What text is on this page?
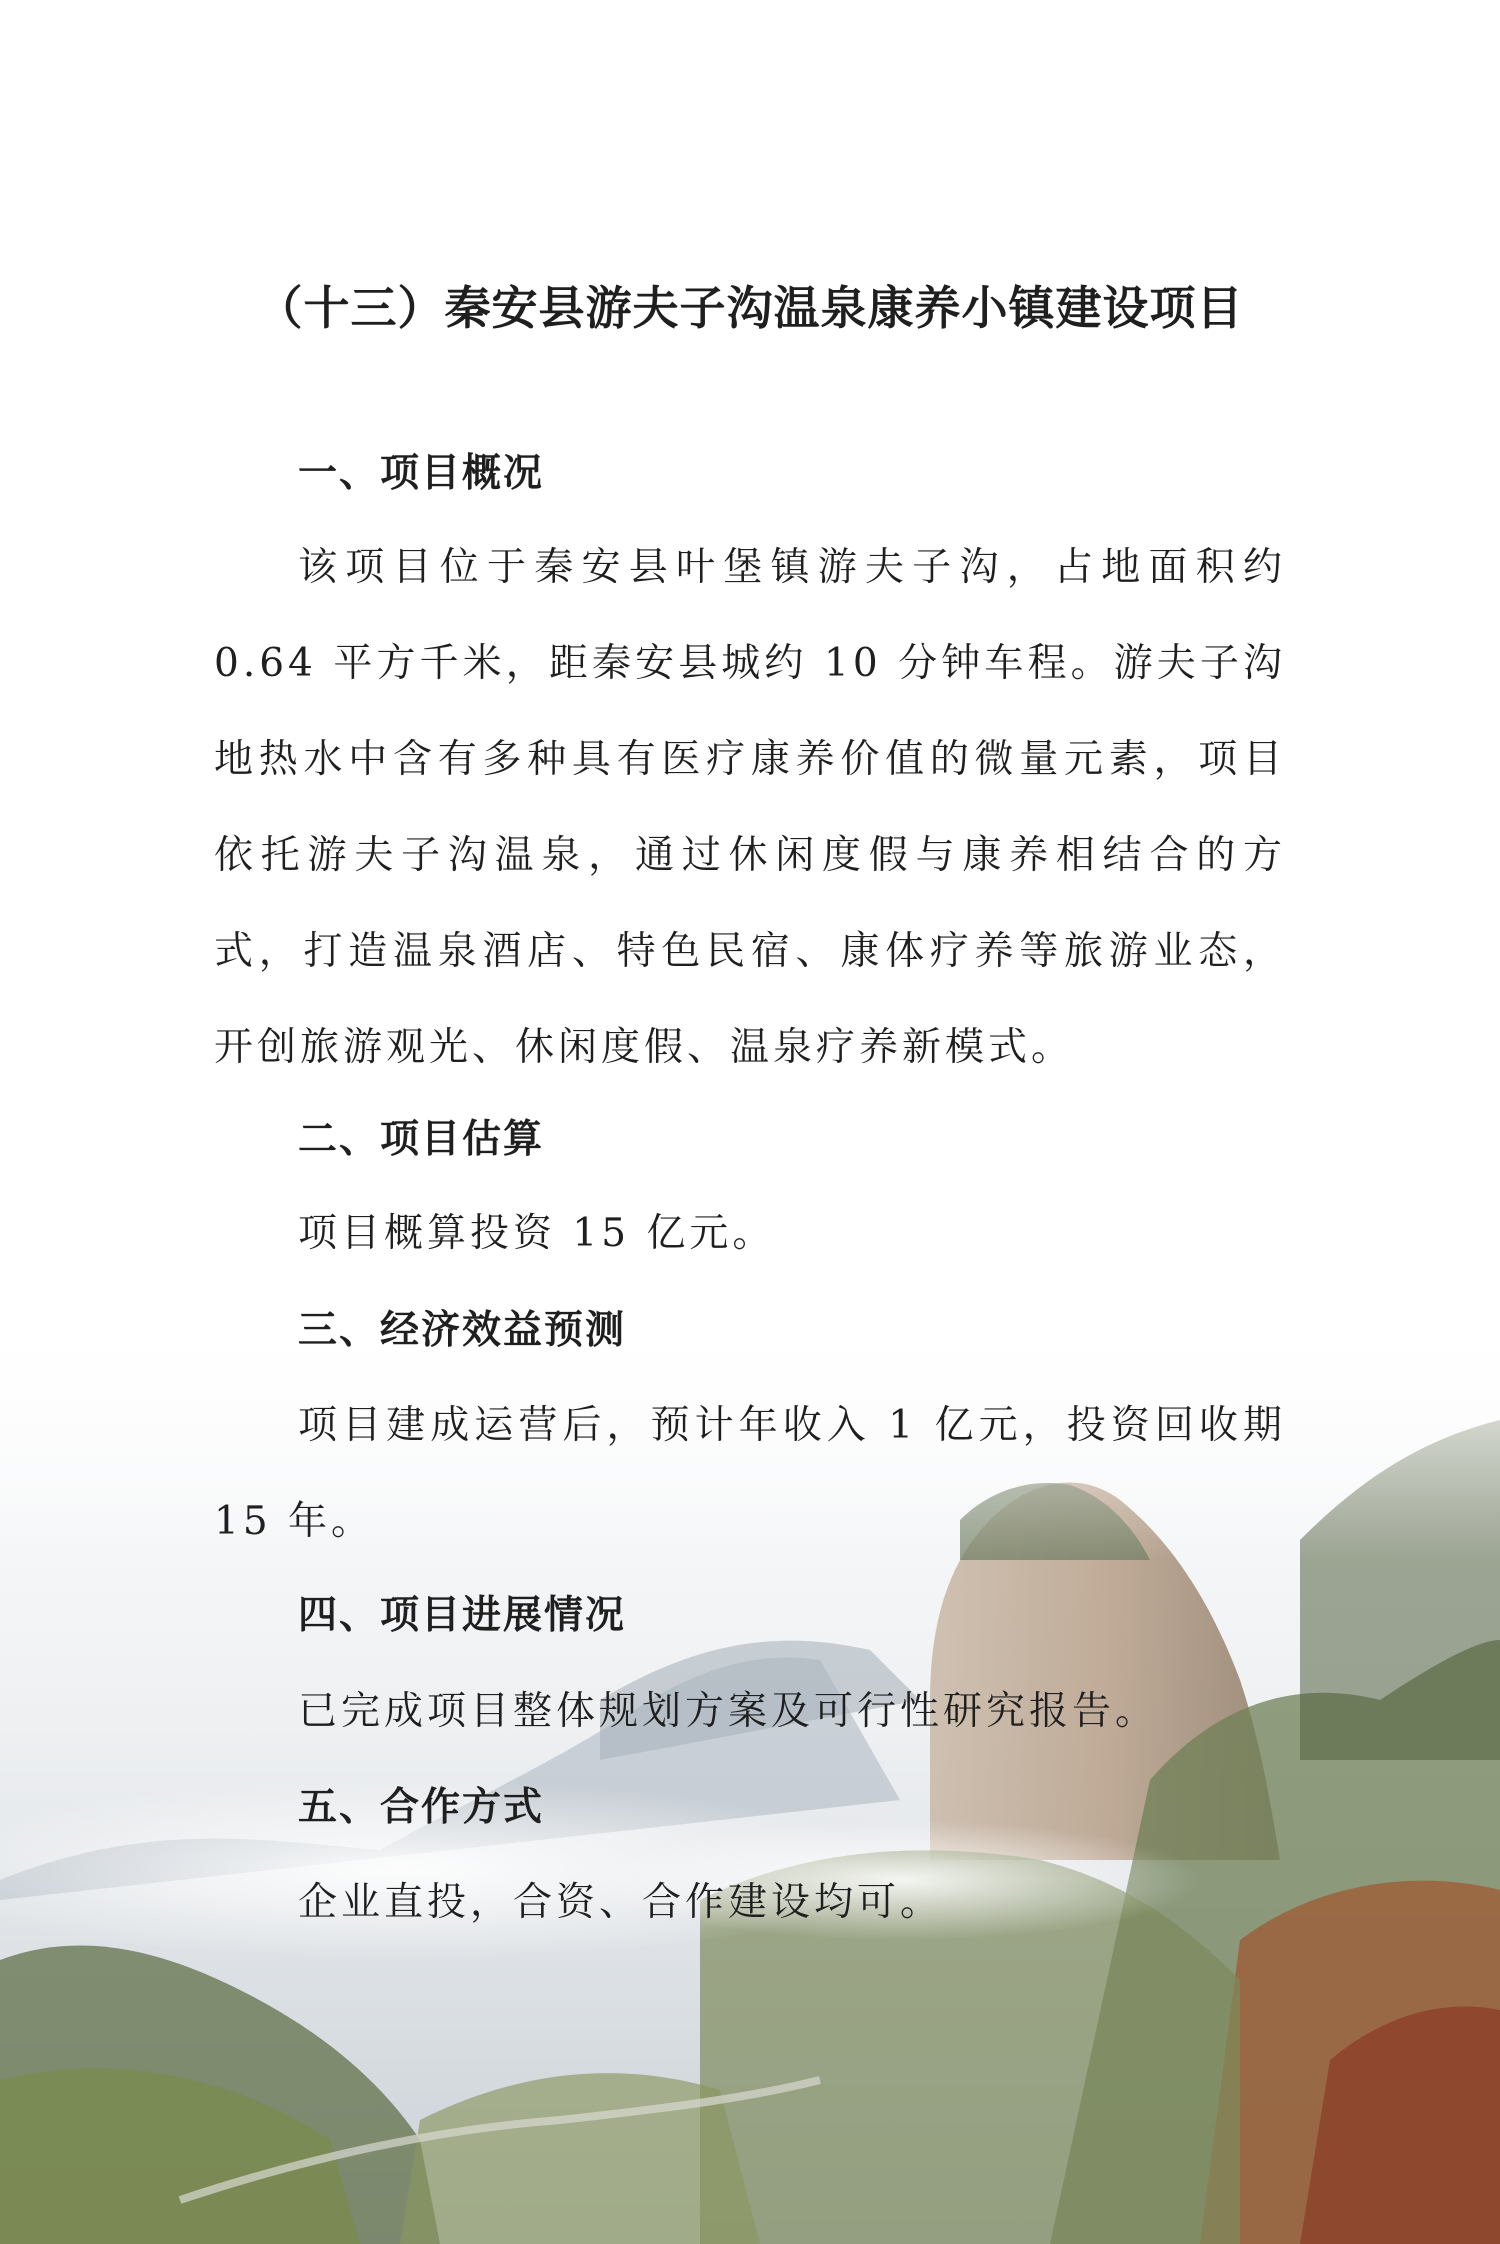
（十三）秦安县游夫子沟温泉康养小镇建设项目
一、项目概况

该项目位于秦安县叶堡镇游夫子沟，占地面积约 0.64 平方千米，距秦安县城约 10 分钟车程。游夫子沟地热水中含有多种具有医疗康养价值的微量元素，项目依托游夫子沟温泉，通过休闲度假与康养相结合的方式，打造温泉酒店、特色民宿、康体疗养等旅游业态，开创旅游观光、休闲度假、温泉疗养新模式。

二、项目估算

项目概算投资 15 亿元。

三、经济效益预测

项目建成运营后，预计年收入 1 亿元，投资回收期 15 年。

四、项目进展情况

已完成项目整体规划方案及可行性研究报告。

五、合作方式

企业直投，合资、合作建设均可。
